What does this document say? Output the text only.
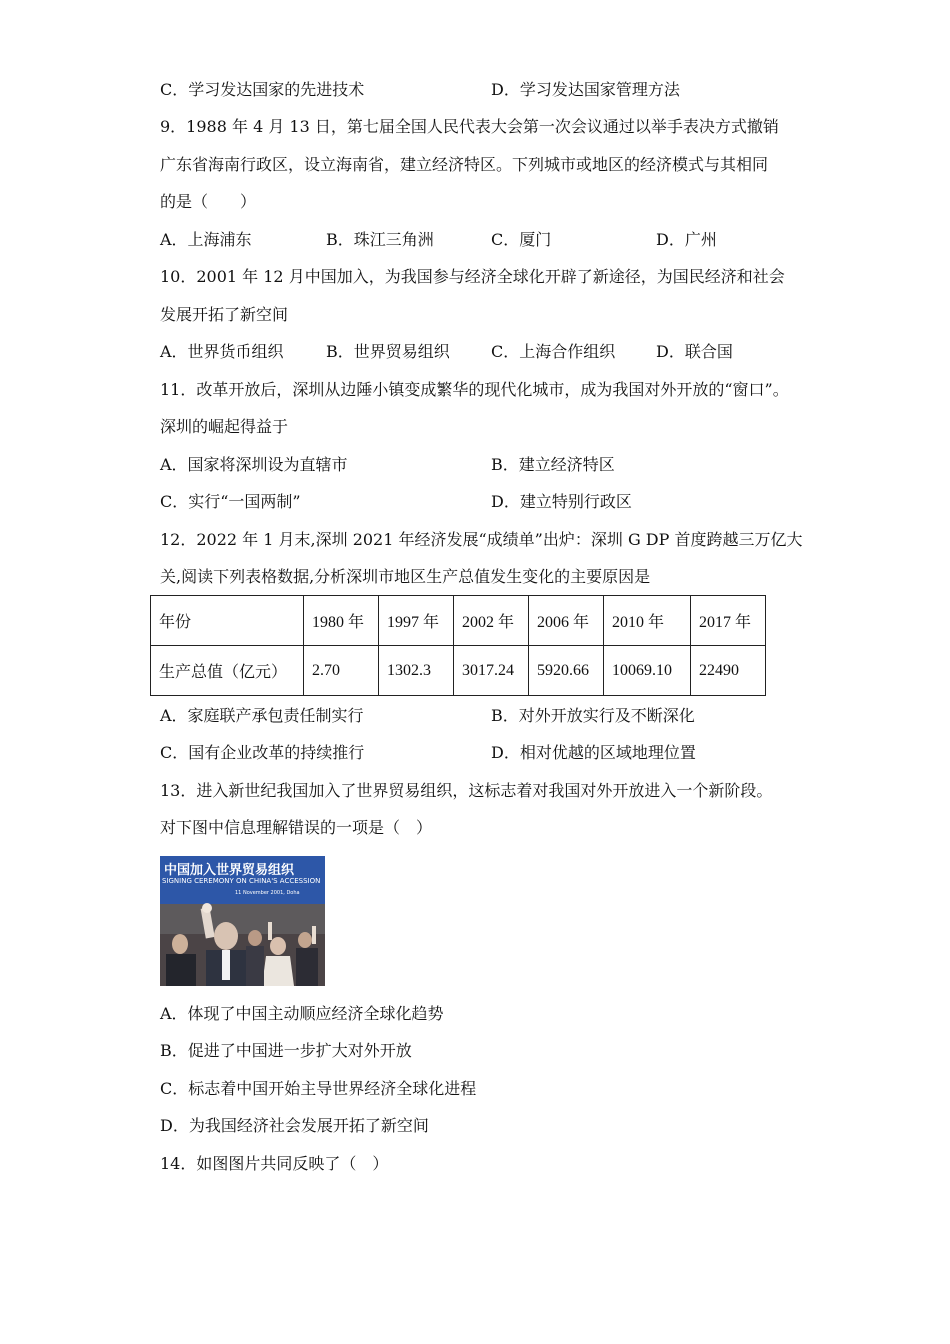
C．学习发达国家的先进技术	D．学习发达国家管理方法
9．1988 年 4 月 13 日，第七届全国人民代表大会第一次会议通过以举手表决方式撤销
广东省海南行政区，设立海南省，建立经济特区。下列城市或地区的经济模式与其相同
的是（　　）
A．上海浦东	B．珠江三角洲	C．厦门	D．广州
10．2001 年 12 月中国加入，为我国参与经济全球化开辟了新途径，为国民经济和社会
发展开拓了新空间
A．世界货币组织	B．世界贸易组织	C．上海合作组织	D．联合国
11．改革开放后，深圳从边陲小镇变成繁华的现代化城市，成为我国对外开放的“窗口”。
深圳的崛起得益于
A．国家将深圳设为直辖市	B．建立经济特区
C．实行“一国两制”	D．建立特别行政区
12．2022 年 1 月末,深圳 2021 年经济发展“成绩单”出炉：深圳 G DP 首度跨越三万亿大
关,阅读下列表格数据,分析深圳市地区生产总值发生变化的主要原因是
年份	1980 年	1997 年	2002 年	2006 年	2010 年	2017 年
生产总值（亿元）	2.70	1302.3	3017.24	5920.66	10069.10	22490
A．家庭联产承包责任制实行	B．对外开放实行及不断深化
C．国有企业改革的持续推行	D．相对优越的区域地理位置
13．进入新世纪我国加入了世界贸易组织，这标志着对我国对外开放进入一个新阶段。
对下图中信息理解错误的一项是（　）
中国加入世界贸易组织
SIGNING CEREMONY ON CHINA'S ACCESSION
11 November 2001, Doha
A．体现了中国主动顺应经济全球化趋势
B．促进了中国进一步扩大对外开放
C．标志着中国开始主导世界经济全球化进程
D．为我国经济社会发展开拓了新空间
14．如图图片共同反映了（　）
